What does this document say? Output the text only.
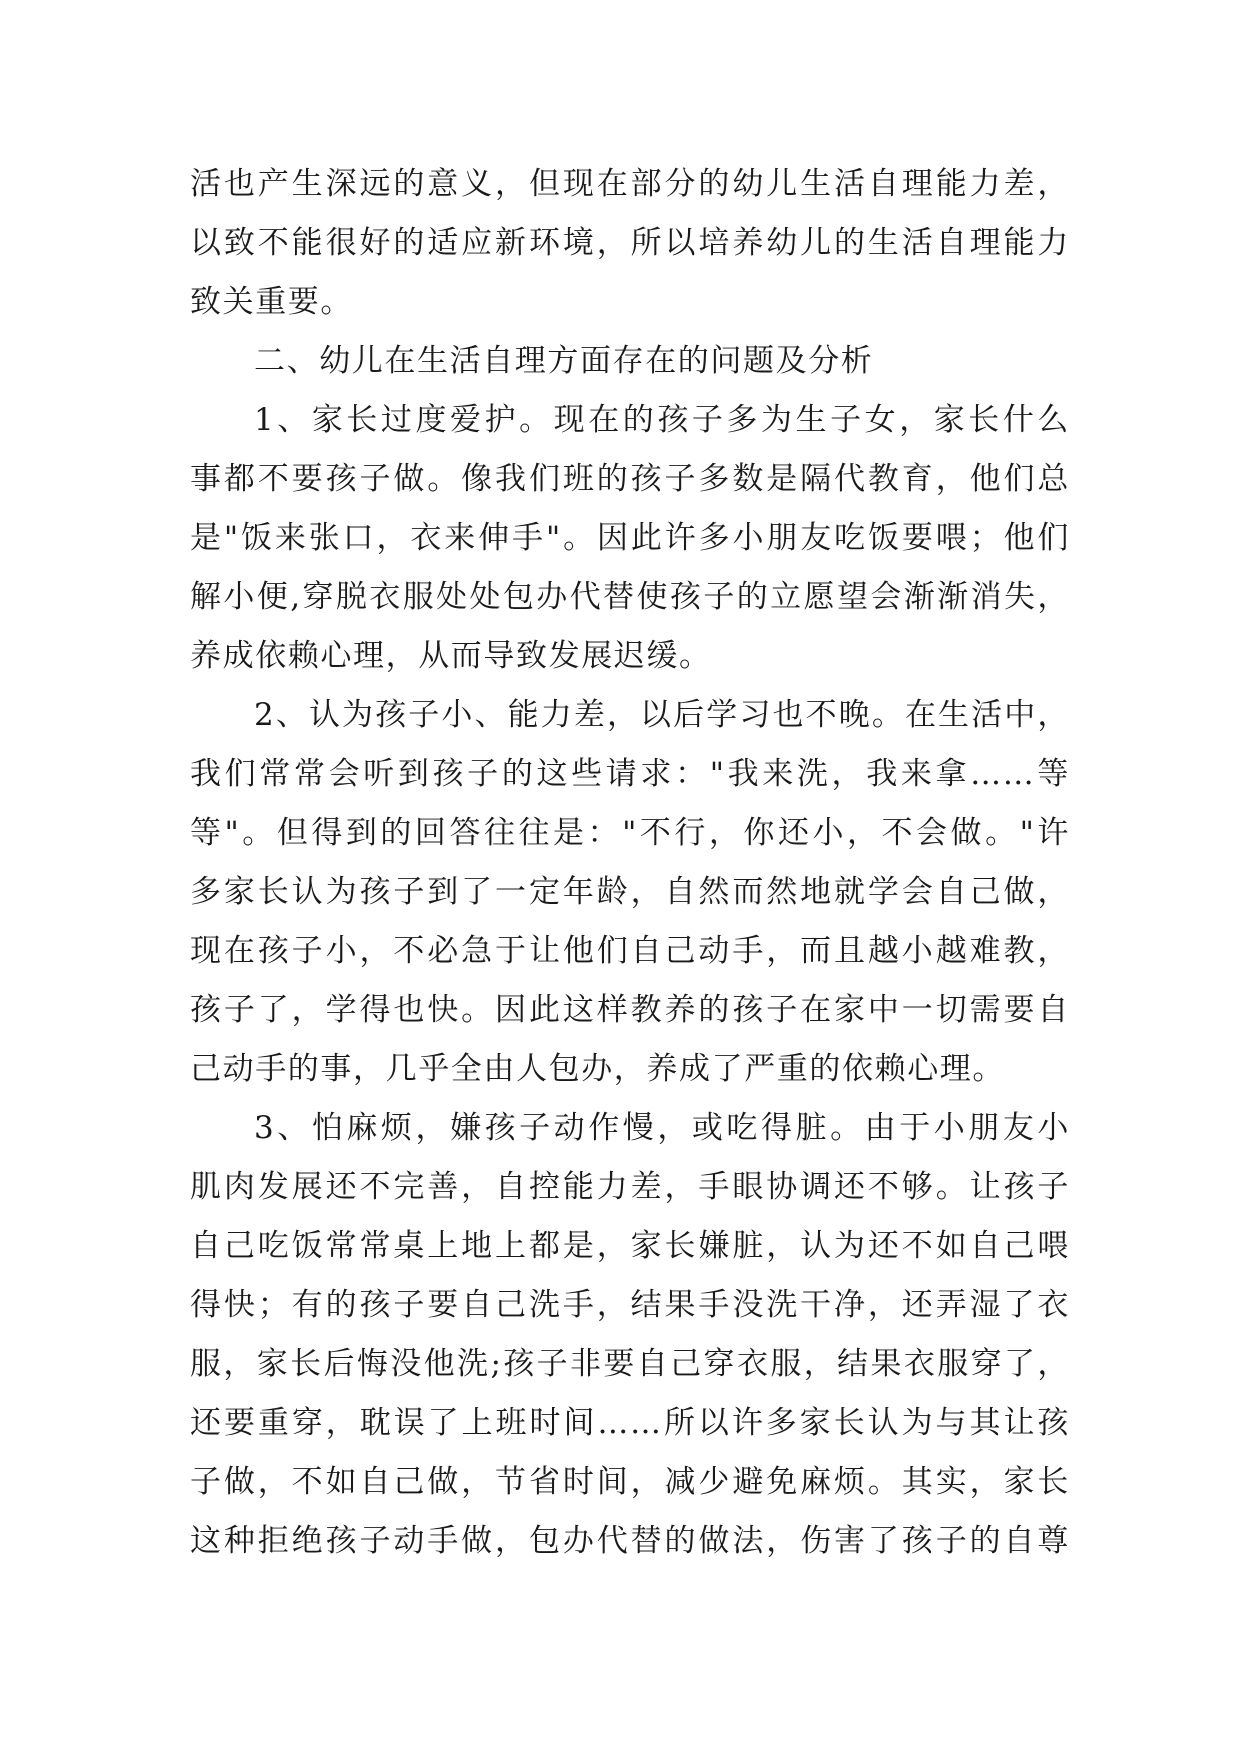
活也产生深远的意义，但现在部分的幼儿生活自理能力差，
以致不能很好的适应新环境，所以培养幼儿的生活自理能力
致关重要。
二、幼儿在生活自理方面存在的问题及分析
1、家长过度爱护。现在的孩子多为生子女，家长什么
事都不要孩子做。像我们班的孩子多数是隔代教育，他们总
是"饭来张口，衣来伸手"。因此许多小朋友吃饭要喂；他们
解小便,穿脱衣服处处包办代替使孩子的立愿望会渐渐消失，
养成依赖心理，从而导致发展迟缓。
2、认为孩子小、能力差，以后学习也不晚。在生活中，
我们常常会听到孩子的这些请求："我来洗，我来拿……等
等"。但得到的回答往往是："不行，你还小，不会做。"许
多家长认为孩子到了一定年龄，自然而然地就学会自己做，
现在孩子小，不必急于让他们自己动手，而且越小越难教，
孩子了，学得也快。因此这样教养的孩子在家中一切需要自
己动手的事，几乎全由人包办，养成了严重的依赖心理。
3、怕麻烦，嫌孩子动作慢，或吃得脏。由于小朋友小
肌肉发展还不完善，自控能力差，手眼协调还不够。让孩子
自己吃饭常常桌上地上都是，家长嫌脏，认为还不如自己喂
得快；有的孩子要自己洗手，结果手没洗干净，还弄湿了衣
服，家长后悔没他洗;孩子非要自己穿衣服，结果衣服穿了，
还要重穿，耽误了上班时间……所以许多家长认为与其让孩
子做，不如自己做，节省时间，减少避免麻烦。其实，家长
这种拒绝孩子动手做，包办代替的做法，伤害了孩子的自尊
